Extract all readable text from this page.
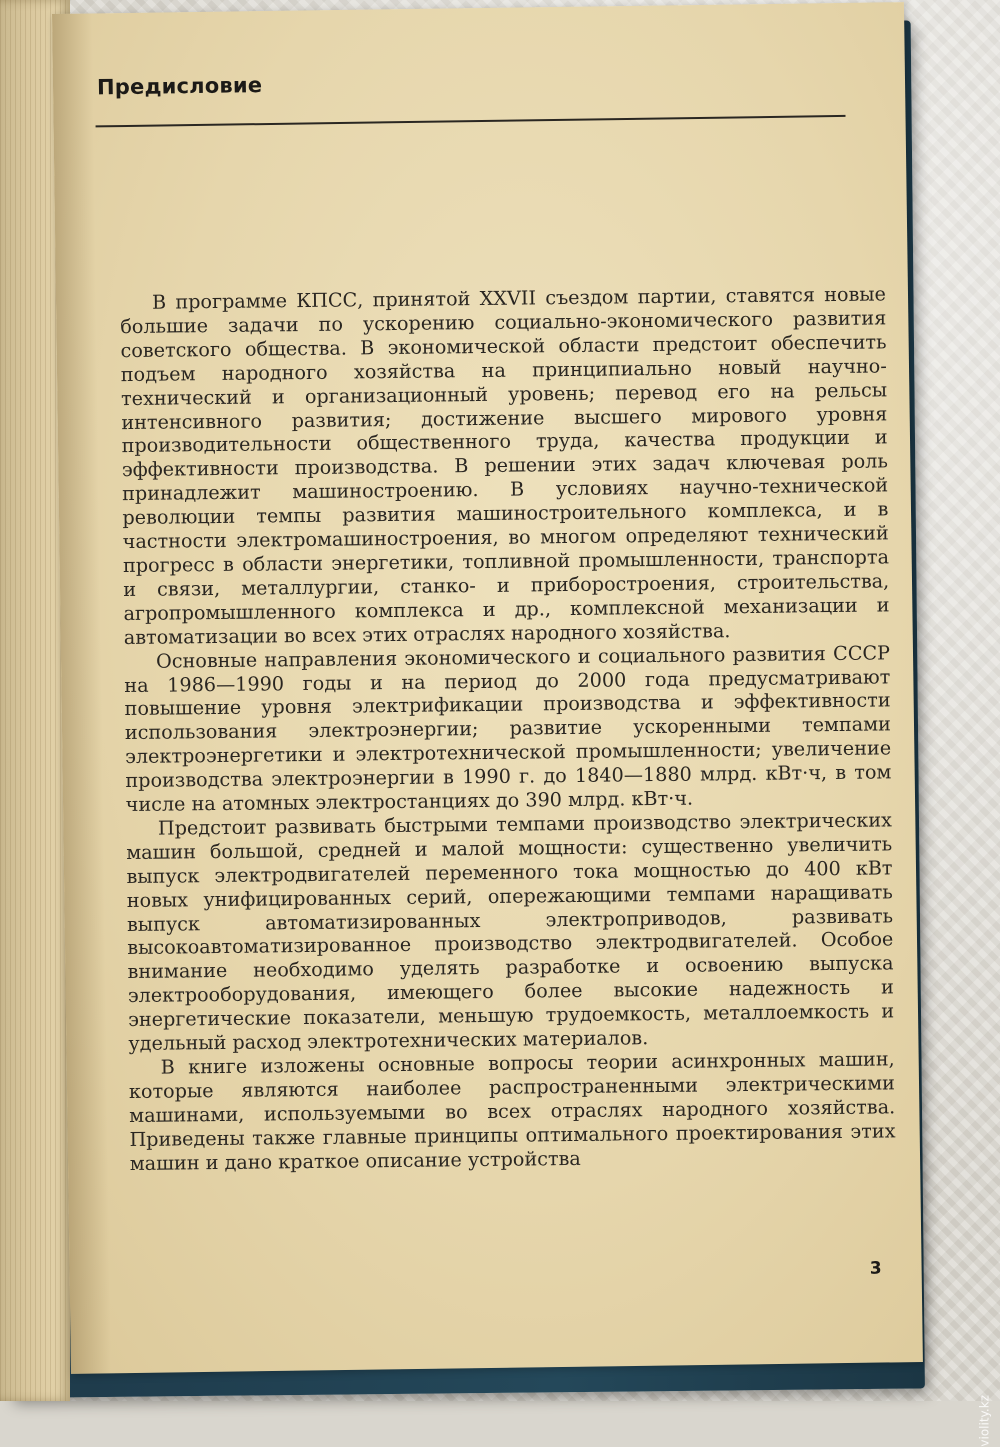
Предисловие

В программе КПСС, принятой XXVII съездом партии, ставятся новые большие задачи по ускорению социально-экономического развития советского общества. В экономической области предстоит обеспечить подъем народного хозяйства на принципиально новый научно-технический и организационный уровень; перевод его на рельсы интенсивного развития; достижение высшего мирового уровня производительности общественного труда, качества продукции и эффективности производства. В решении этих задач ключевая роль принадлежит машиностроению. В условиях научно-технической революции темпы развития машиностроительного комплекса, и в частности электромашиностроения, во многом определяют технический прогресс в области энергетики, топливной промышленности, транспорта и связи, металлургии, станко- и приборостроения, строительства, агропромышленного комплекса и др., комплексной механизации и автоматизации во всех этих отраслях народного хозяйства.

Основные направления экономического и социального развития СССР на 1986—1990 годы и на период до 2000 года предусматривают повышение уровня электрификации производства и эффективности использования электроэнергии; развитие ускоренными темпами электроэнергетики и электротехнической промышленности; увеличение производства электроэнергии в 1990 г. до 1840—1880 млрд. кВт·ч, в том числе на атомных электростанциях до 390 млрд. кВт·ч.

Предстоит развивать быстрыми темпами производство электрических машин большой, средней и малой мощности: существенно увеличить выпуск электродвигателей переменного тока мощностью до 400 кВт новых унифицированных серий, опережающими темпами наращивать выпуск автоматизированных электроприводов, развивать высокоавтоматизированное производство электродвигателей. Особое внимание необходимо уделять разработке и освоению выпуска электрооборудования, имеющего более высокие надежность и энергетические показатели, меньшую трудоемкость, металлоемкость и удельный расход электротехнических материалов.

В книге изложены основные вопросы теории асинхронных машин, которые являются наиболее распространенными электрическими машинами, используемыми во всех отраслях народного хозяйства. Приведены также главные принципы оптимального проектирования этих машин и дано краткое описание устройства

3
violity.kz
